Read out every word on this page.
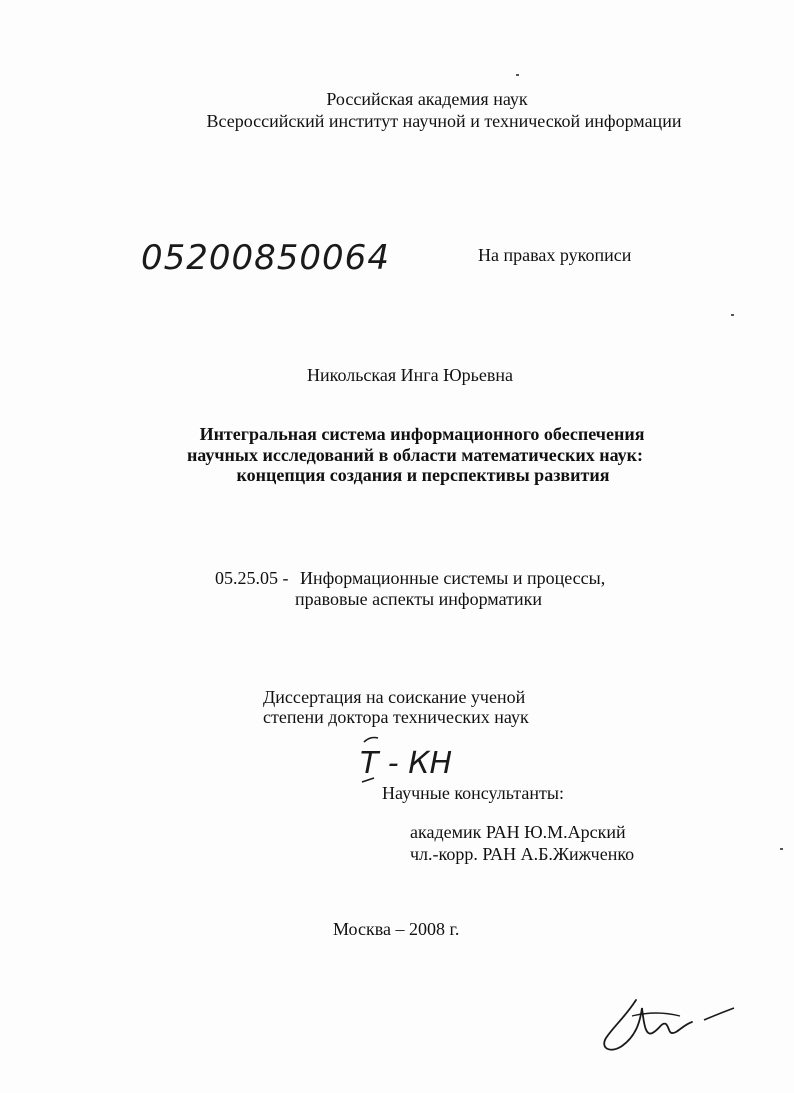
Российская академия наук
Всероссийский институт научной и технической информации
05200850064	На правах рукописи
Никольская Инга Юрьевна
Интегральная система информационного обеспечения
научных исследований в области математических наук:
концепция создания и перспективы развития
05.25.05 - Информационные системы и процессы,
правовые аспекты информатики
Диссертация на соискание ученой
степени доктора технических наук
Т - КН
Научные консультанты:
академик РАН Ю.М.Арский
чл.-корр. РАН А.Б.Жижченко
Москва – 2008 г.
